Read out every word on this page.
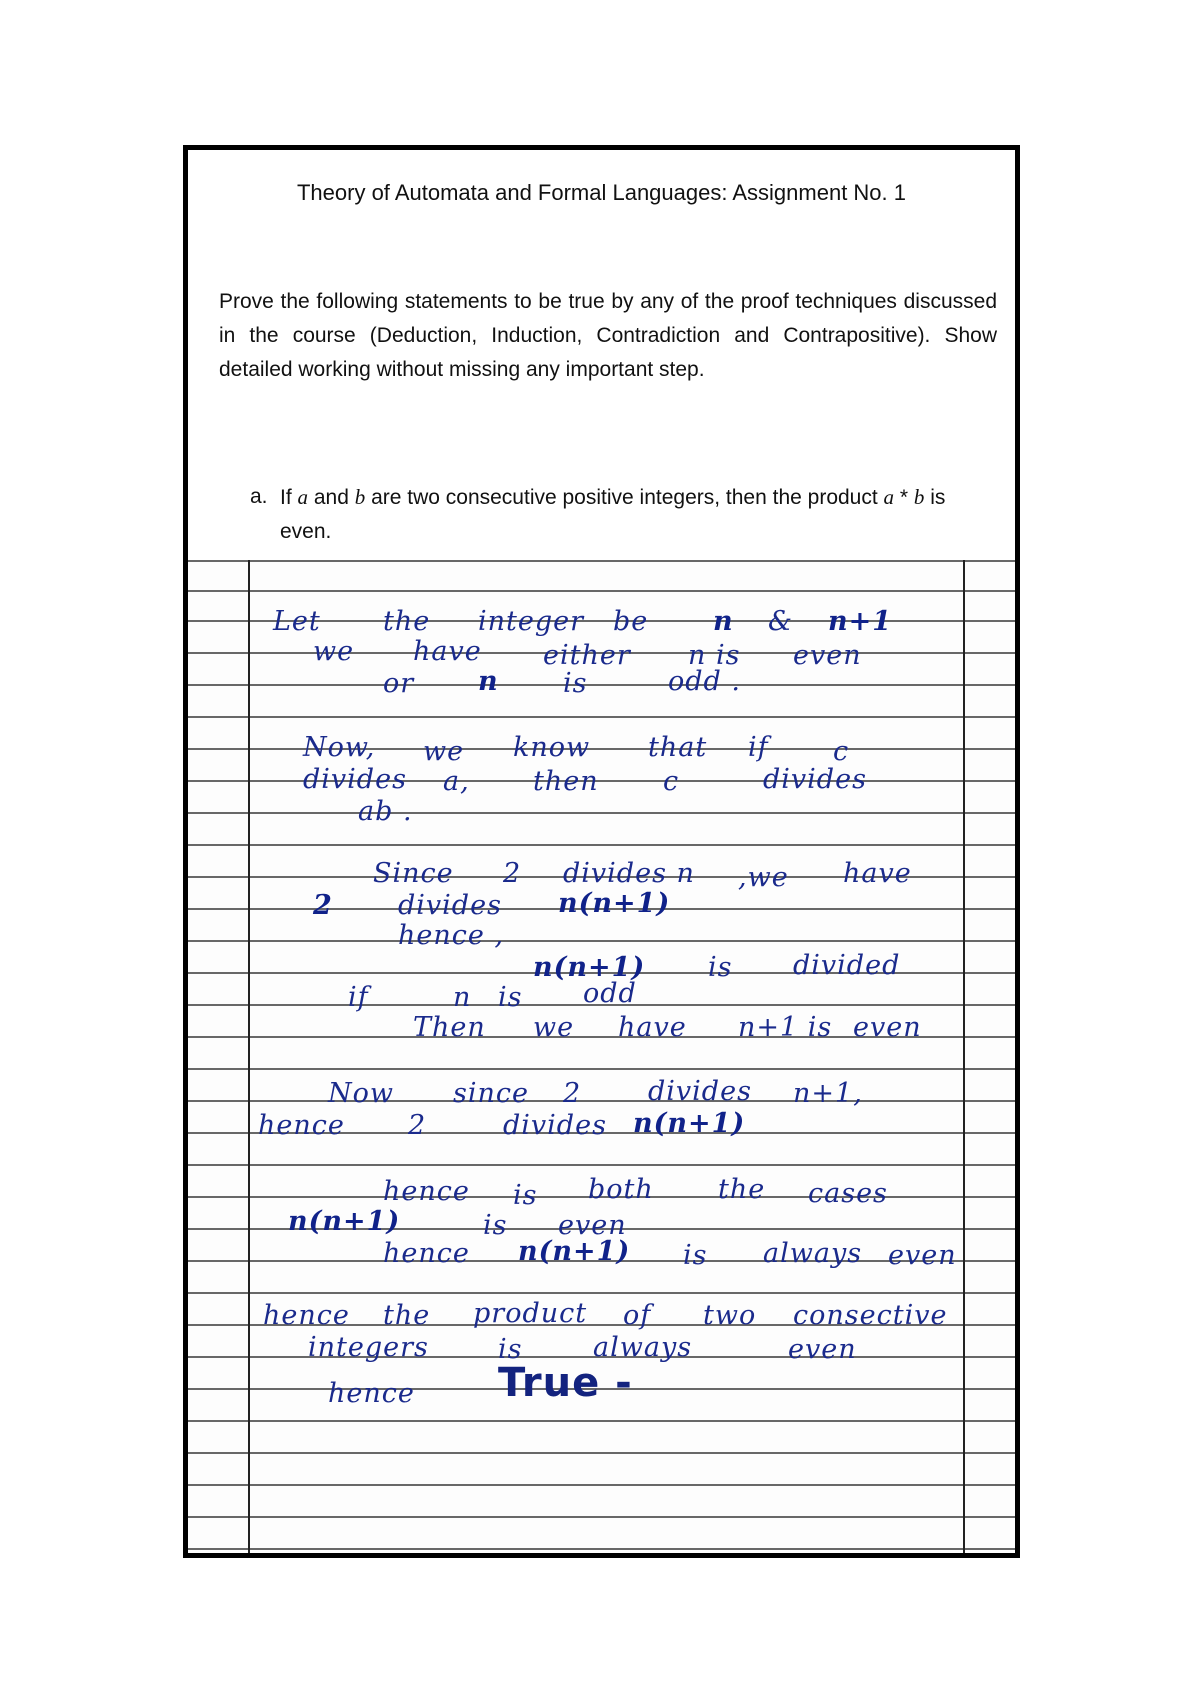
Theory of Automata and Formal Languages: Assignment No. 1

Prove the following statements to be true by any of the proof techniques discussed in the course (Deduction, Induction, Contradiction and Contrapositive). Show detailed working without missing any important step.

a. If a and b are two consecutive positive integers, then the product a * b is even.
Let the integer be n & n+1
we have either n is even
or n is	odd .
Now, we know that if c
divides a, then c	divides
ab .
Since 2 divides n ,we have
2 divides n(n+1)
hence ,
n(n+1) is divided
if	n is odd
Then we have n+1 is even
Now since 2 divides n+1,
hence 2	divides n(n+1)
hence is both the cases
n(n+1)	is even
hence n(n+1) is always even
hence the product of two consective
integers	is	always	even
hence True -
